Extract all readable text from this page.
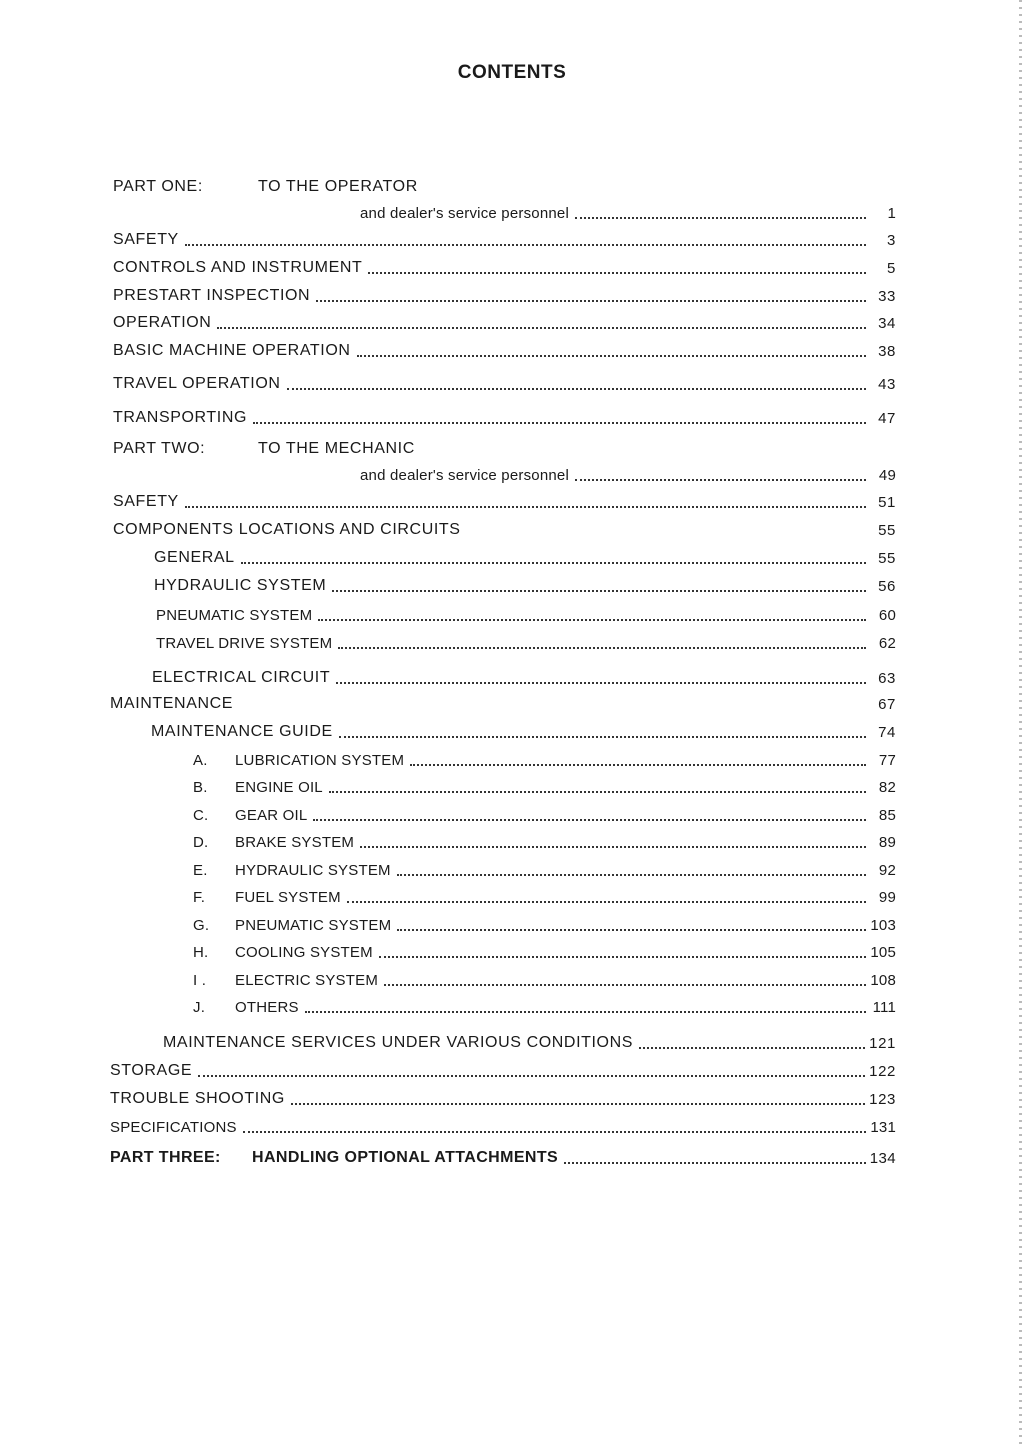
CONTENTS
PART ONE:	TO THE OPERATOR
and dealer's service personnel	1
SAFETY	3
CONTROLS AND INSTRUMENT	5
PRESTART INSPECTION	33
OPERATION	34
BASIC MACHINE OPERATION	38
TRAVEL OPERATION	43
TRANSPORTING	47
PART TWO:	TO THE MECHANIC
and dealer's service personnel	49
SAFETY	51
COMPONENTS LOCATIONS AND CIRCUITS	55
GENERAL	55
HYDRAULIC SYSTEM	56
PNEUMATIC SYSTEM	60
TRAVEL DRIVE SYSTEM	62
ELECTRICAL CIRCUIT	63
MAINTENANCE	67
MAINTENANCE GUIDE	74
A.	LUBRICATION SYSTEM	77
B.	ENGINE OIL	82
C.	GEAR OIL	85
D.	BRAKE SYSTEM	89
E.	HYDRAULIC SYSTEM	92
F.	FUEL SYSTEM	99
G.	PNEUMATIC SYSTEM	103
H.	COOLING SYSTEM	105
I .	ELECTRIC SYSTEM	108
J.	OTHERS	111
MAINTENANCE SERVICES UNDER VARIOUS CONDITIONS	121
STORAGE	122
TROUBLE SHOOTING	123
SPECIFICATIONS	131
PART THREE:	HANDLING OPTIONAL ATTACHMENTS	134
